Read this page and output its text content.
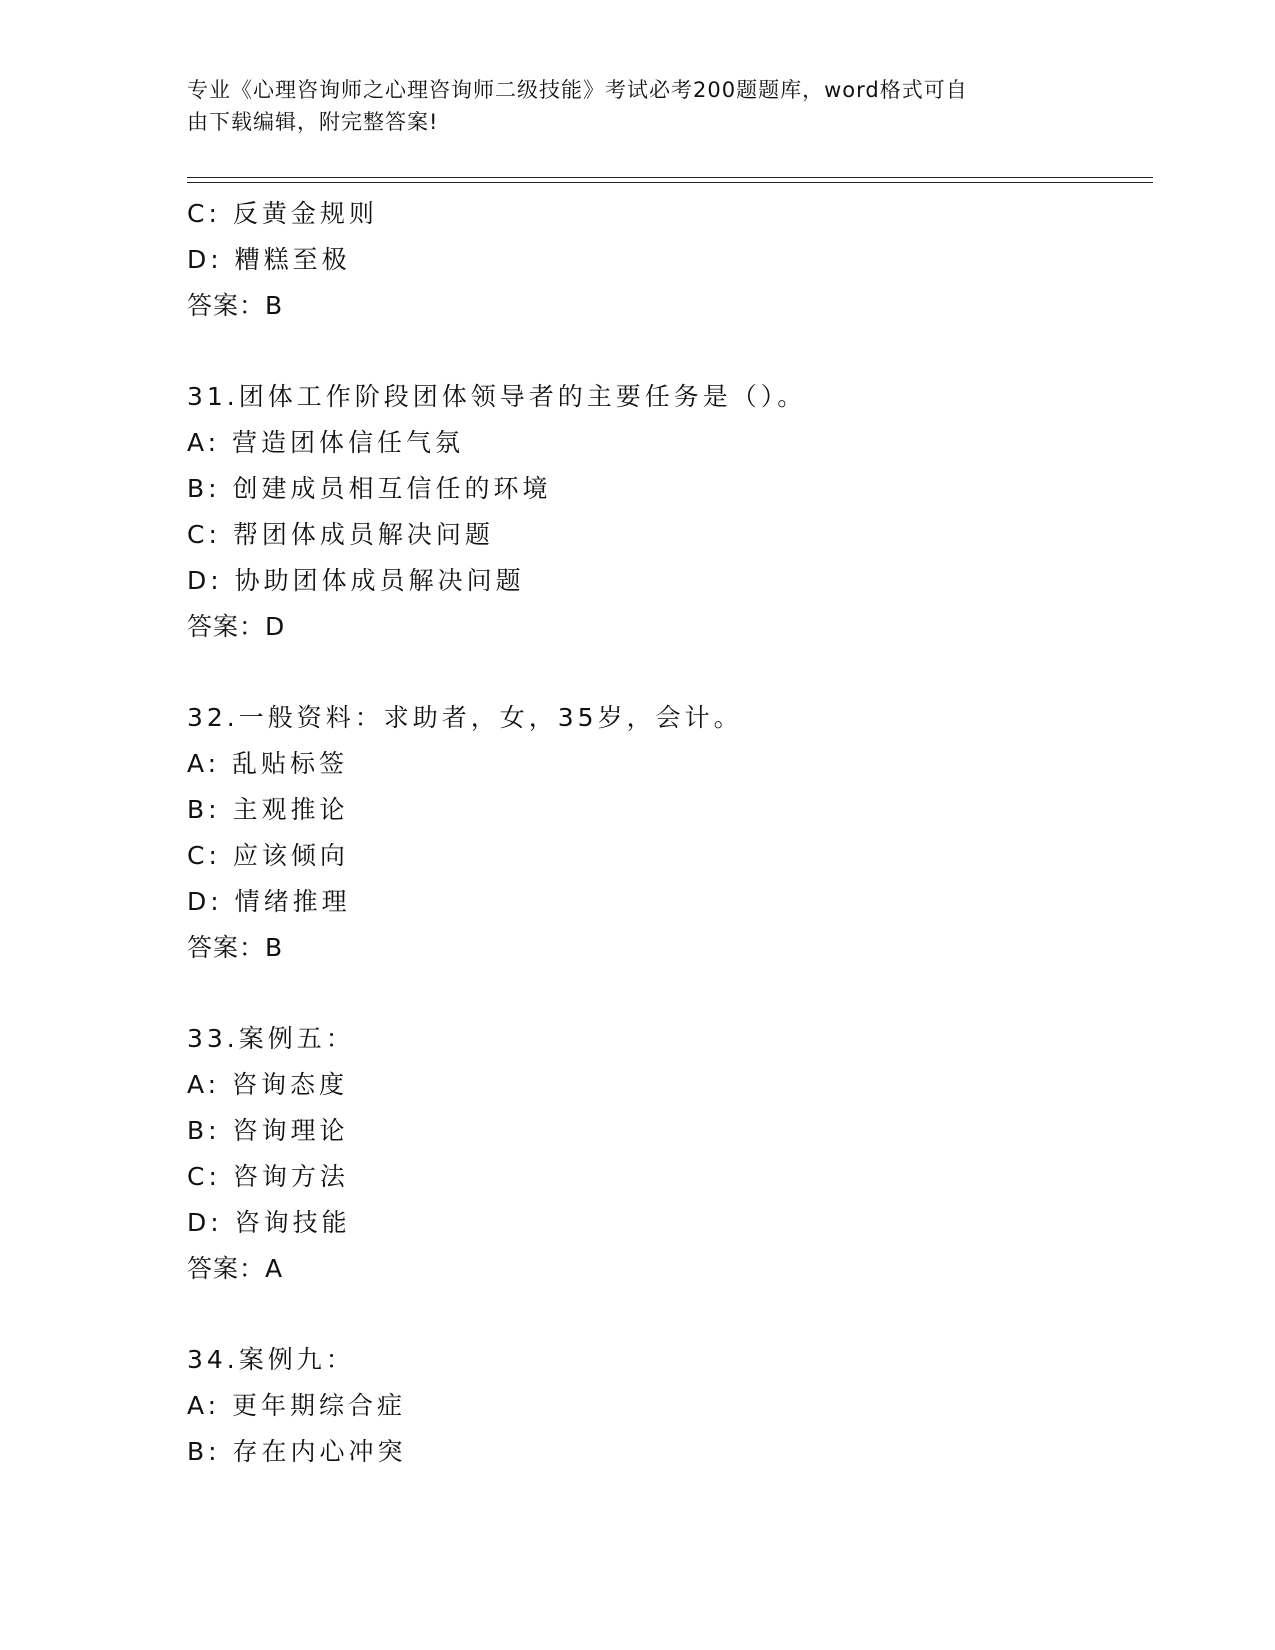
专业《心理咨询师之心理咨询师二级技能》考试必考200题题库，word格式可自
由下载编辑，附完整答案!
C: 反黄金规则
D: 糟糕至极
答案：B
31.团体工作阶段团体领导者的主要任务是（）。
A: 营造团体信任气氛
B: 创建成员相互信任的环境
C: 帮团体成员解决问题
D: 协助团体成员解决问题
答案：D
32.一般资料：求助者，女，35岁，会计。
A: 乱贴标签
B: 主观推论
C: 应该倾向
D: 情绪推理
答案：B
33.案例五：
A: 咨询态度
B: 咨询理论
C: 咨询方法
D: 咨询技能
答案：A
34.案例九：
A: 更年期综合症
B: 存在内心冲突
